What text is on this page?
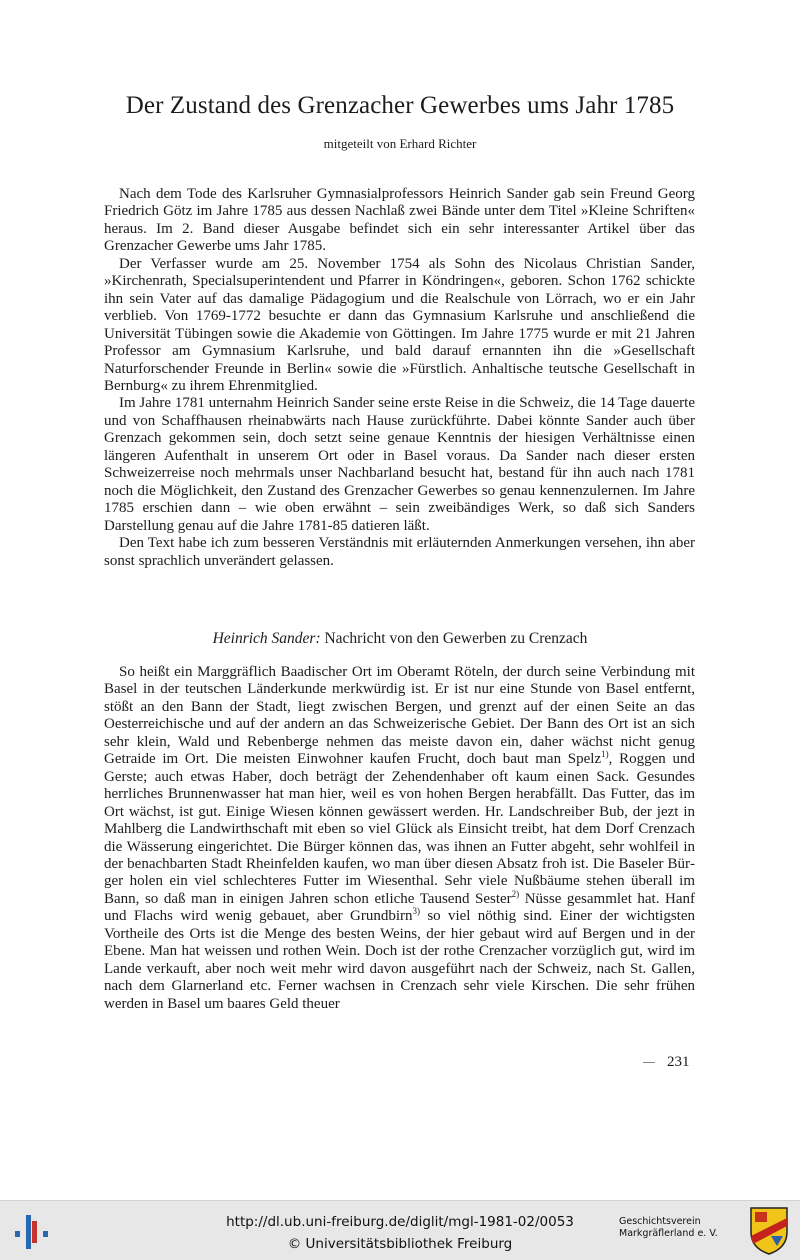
Der Zustand des Grenzacher Gewerbes ums Jahr 1785
mitgeteilt von Erhard Richter

Nach dem Tode des Karlsruher Gymnasialprofessors Heinrich Sander gab sein Freund Georg Friedrich Götz im Jahre 1785 aus dessen Nachlaß zwei Bände unter dem Titel »Kleine Schriften« heraus. Im 2. Band dieser Ausgabe befindet sich ein sehr interessanter Artikel über das Grenzacher Gewerbe ums Jahr 1785.

Der Verfasser wurde am 25. November 1754 als Sohn des Nicolaus Christian Sander, »Kirchenrath, Specialsuperintendent und Pfarrer in Köndringen«, geboren. Schon 1762 schickte ihn sein Vater auf das damalige Pädagogium und die Realschule von Lörrach, wo er ein Jahr verblieb. Von 1769-1772 besuchte er dann das Gymnasium Karlsruhe und anschließend die Universität Tübingen sowie die Akademie von Göttingen. Im Jahre 1775 wurde er mit 21 Jahren Professor am Gymnasium Karlsruhe, und bald darauf ernannten ihn die »Gesellschaft Naturforschender Freunde in Berlin« sowie die »Fürstlich. Anhaltische teutsche Gesellschaft in Bernburg« zu ihrem Ehrenmitglied.

Im Jahre 1781 unternahm Heinrich Sander seine erste Reise in die Schweiz, die 14 Tage dauerte und von Schaffhausen rheinabwärts nach Hause zurückführte. Dabei könnte Sander auch über Grenzach gekommen sein, doch setzt seine genaue Kenntnis der hiesigen Verhältnisse einen längeren Aufenthalt in unserem Ort oder in Basel voraus. Da Sander nach dieser ersten Schweizerreise noch mehrmals unser Nachbarland besucht hat, bestand für ihn auch nach 1781 noch die Möglichkeit, den Zustand des Grenzacher Gewerbes so genau kennenzulernen. Im Jahre 1785 erschien dann – wie oben erwähnt – sein zweibändiges Werk, so daß sich Sanders Darstellung genau auf die Jahre 1781-85 datieren läßt.

Den Text habe ich zum besseren Verständnis mit erläuternden Anmerkungen versehen, ihn aber sonst sprachlich unverändert gelassen.

Heinrich Sander: Nachricht von den Gewerben zu Crenzach

So heißt ein Marggräflich Baadischer Ort im Oberamt Röteln, der durch seine Verbindung mit Basel in der teutschen Länderkunde merkwürdig ist. Er ist nur eine Stunde von Basel entfernt, stößt an den Bann der Stadt, liegt zwischen Bergen, und grenzt auf der einen Seite an das Oesterreichische und auf der andern an das Schweizerische Gebiet. Der Bann des Ort ist an sich sehr klein, Wald und Rebenberge nehmen das meiste davon ein, daher wächst nicht genug Getraide im Ort. Die meisten Einwohner kaufen Frucht, doch baut man Spelz$^{1)}$, Roggen und Gerste; auch etwas Haber, doch beträgt der Zehendenhaber oft kaum einen Sack. Gesundes herrliches Brunnenwasser hat man hier, weil es von hohen Bergen herabfällt. Das Futter, das im Ort wächst, ist gut. Einige Wiesen können gewässert werden. Hr. Landschreiber Bub, der jezt in Mahlberg die Landwirthschaft mit eben so viel Glück als Einsicht treibt, hat dem Dorf Crenzach die Wässerung eingerichtet. Die Bürger können das, was ihnen an Futter abgeht, sehr wohlfeil in der benachbarten Stadt Rheinfelden kaufen, wo man über diesen Absatz froh ist. Die Baseler Bürger holen ein viel schlechteres Futter im Wiesenthal. Sehr viele Nußbäume stehen überall im Bann, so daß man in einigen Jahren schon etliche Tausend Sester$^{2)}$ Nüsse gesammlet hat. Hanf und Flachs wird wenig gebauet, aber Grundbirn$^{3)}$ so viel nöthig sind. Einer der wichtigsten Vortheile des Orts ist die Menge des besten Weins, der hier gebaut wird auf Bergen und in der Ebene. Man hat weissen und rothen Wein. Doch ist der rothe Crenzacher vorzüglich gut, wird im Lande verkauft, aber noch weit mehr wird davon ausgeführt nach der Schweiz, nach St. Gallen, nach dem Glarnerland etc. Ferner wachsen in Crenzach sehr viele Kirschen. Die sehr frühen werden in Basel um baares Geld theuer

231
http://dl.ub.uni-freiburg.de/diglit/mgl-1981-02/0053
© Universitätsbibliothek Freiburg
Geschichtsverein
Markgräflerland e. V.
